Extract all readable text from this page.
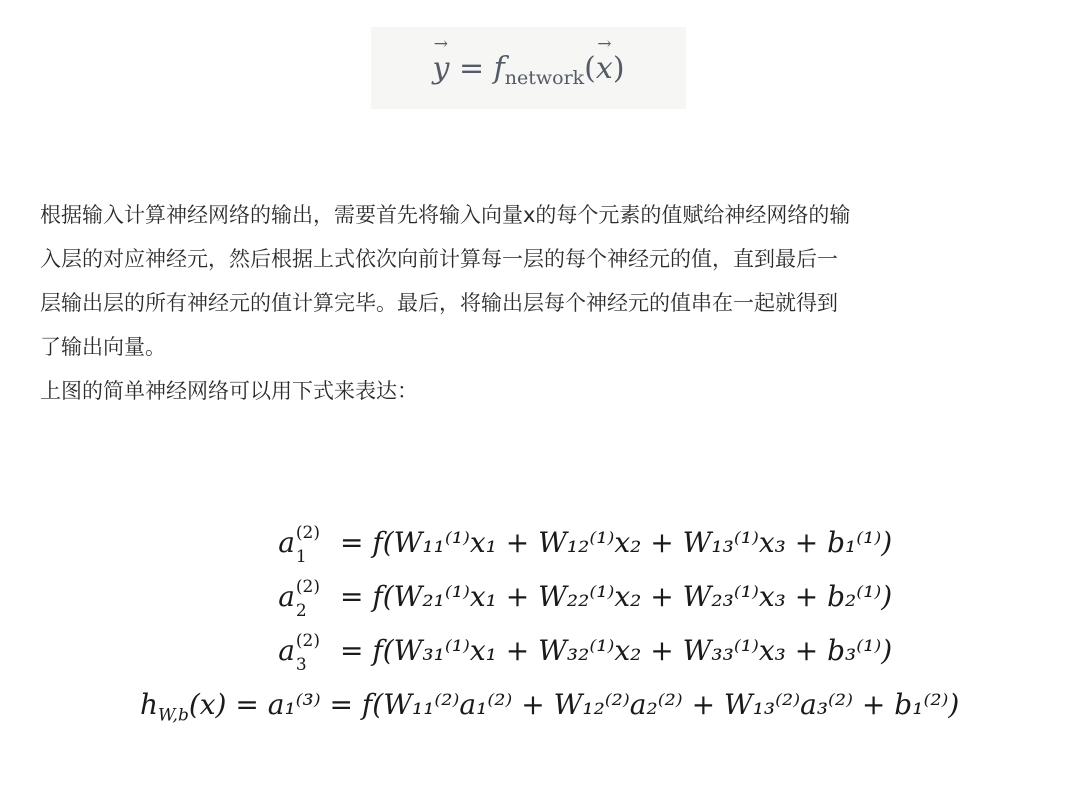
→ $y = f_{network}(\to x)$
根据输入计算神经网络的输出，需要首先将输入向量x的每个元素的值赋给神经网络的输
入层的对应神经元，然后根据上式依次向前计算每一层的每个神经元的值，直到最后一
层输出层的所有神经元的值计算完毕。最后，将输出层每个神经元的值串在一起就得到
了输出向量。
上图的简单神经网络可以用下式来表达：
a (2)
1	= f(W₁₁⁽¹⁾x₁ + W₁₂⁽¹⁾x₂ + W₁₃⁽¹⁾x₃ + b₁⁽¹⁾)
a (2)
2	= f(W₂₁⁽¹⁾x₁ + W₂₂⁽¹⁾x₂ + W₂₃⁽¹⁾x₃ + b₂⁽¹⁾)
a (2)
3	= f(W₃₁⁽¹⁾x₁ + W₃₂⁽¹⁾x₂ + W₃₃⁽¹⁾x₃ + b₃⁽¹⁾)
$h_{W,b}(x) = a_1^{(3)} = f(W_{11}^{(2)}a_1^{(2)} + W_{12}^{(2)}a_2^{(2)} + W_{13}^{(2)}a_3^{(2)} + b_1^{(2)})$
